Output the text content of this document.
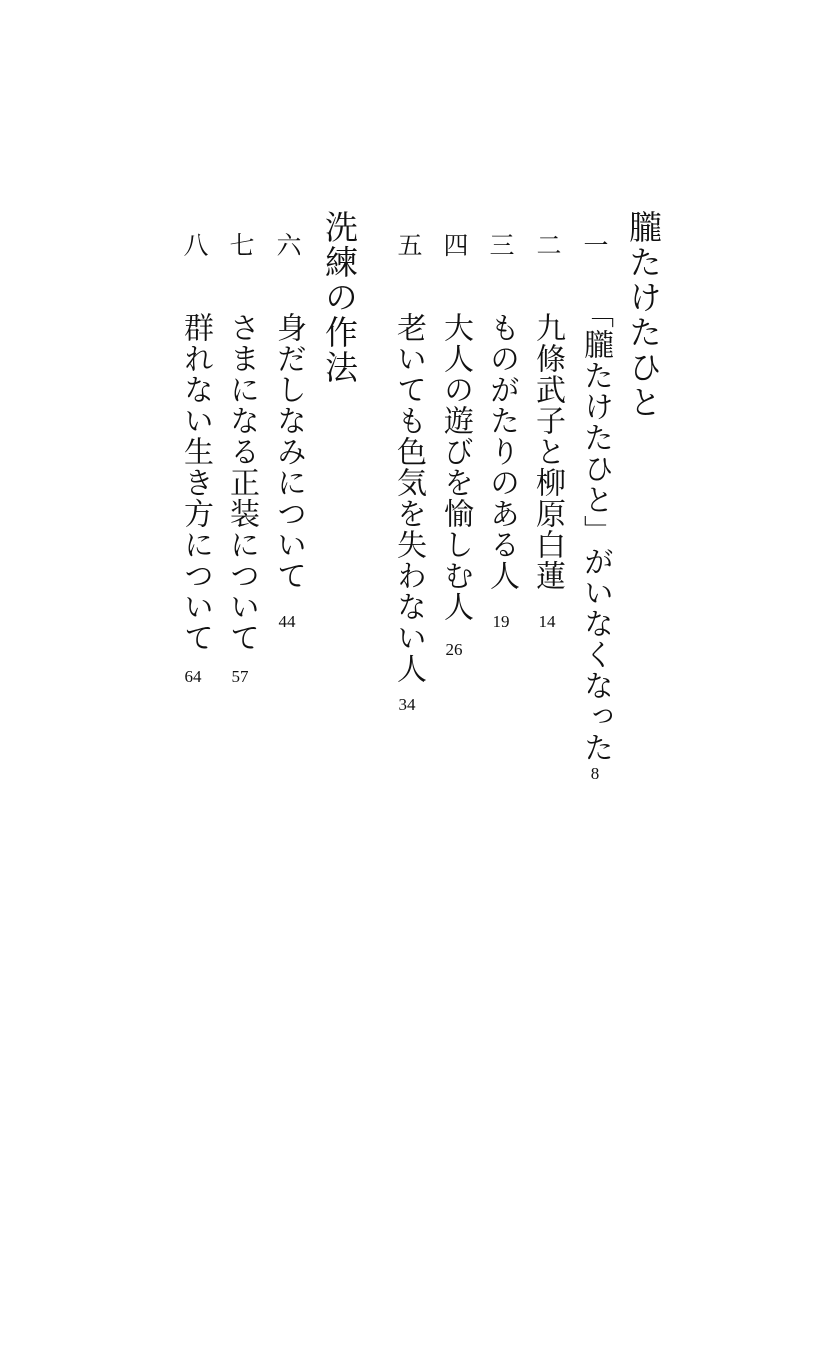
朧たけたひと
一
「朧たけたひと」がいなくなった
8
二
九條武子と柳原白蓮
14
三
ものがたりのある人
19
四
大人の遊びを愉しむ人
26
五
老いても色気を失わない人
34
洗練の作法
六
身だしなみについて
44
七
さまになる正装について
57
八
群れない生き方について
64
